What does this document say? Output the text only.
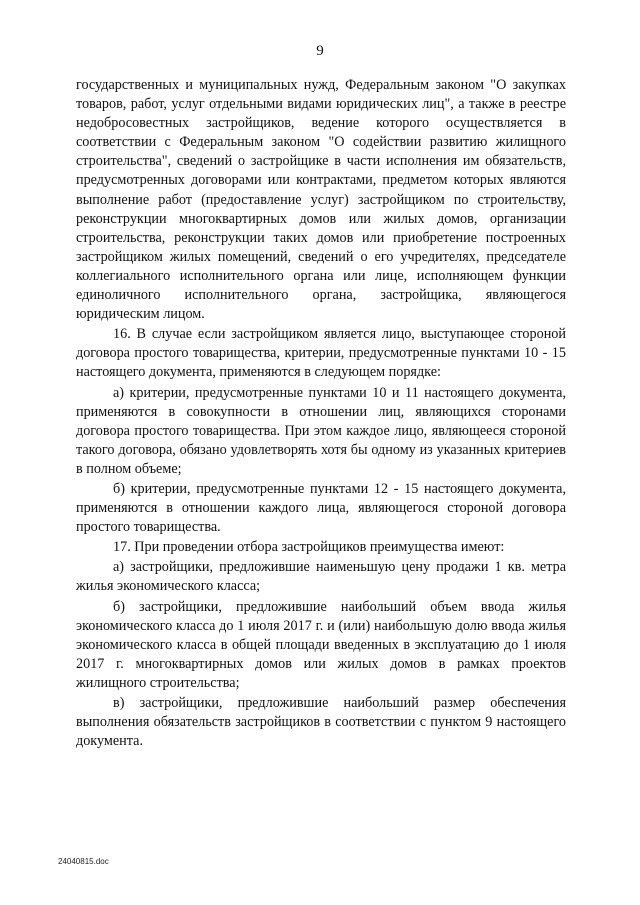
9

государственных и муниципальных нужд, Федеральным законом "О закупках товаров, работ, услуг отдельными видами юридических лиц", а также в реестре недобросовестных застройщиков, ведение которого осуществляется в соответствии с Федеральным законом "О содействии развитию жилищного строительства", сведений о застройщике в части исполнения им обязательств, предусмотренных договорами или контрактами, предметом которых являются выполнение работ (предоставление услуг) застройщиком по строительству, реконструкции многоквартирных домов или жилых домов, организации строительства, реконструкции таких домов или приобретение построенных застройщиком жилых помещений, сведений о его учредителях, председателе коллегиального исполнительного органа или лице, исполняющем функции единоличного исполнительного органа, застройщика, являющегося юридическим лицом.

16. В случае если застройщиком является лицо, выступающее стороной договора простого товарищества, критерии, предусмотренные пунктами 10 - 15 настоящего документа, применяются в следующем порядке:

а) критерии, предусмотренные пунктами 10 и 11 настоящего документа, применяются в совокупности в отношении лиц, являющихся сторонами договора простого товарищества. При этом каждое лицо, являющееся стороной такого договора, обязано удовлетворять хотя бы одному из указанных критериев в полном объеме;

б) критерии, предусмотренные пунктами 12 - 15 настоящего документа, применяются в отношении каждого лица, являющегося стороной договора простого товарищества.

17. При проведении отбора застройщиков преимущества имеют:

а) застройщики, предложившие наименьшую цену продажи 1 кв. метра жилья экономического класса;

б) застройщики, предложившие наибольший объем ввода жилья экономического класса до 1 июля 2017 г. и (или) наибольшую долю ввода жилья экономического класса в общей площади введенных в эксплуатацию до 1 июля 2017 г. многоквартирных домов или жилых домов в рамках проектов жилищного строительства;

в) застройщики, предложившие наибольший размер обеспечения выполнения обязательств застройщиков в соответствии с пунктом 9 настоящего документа.

24040815.doc
